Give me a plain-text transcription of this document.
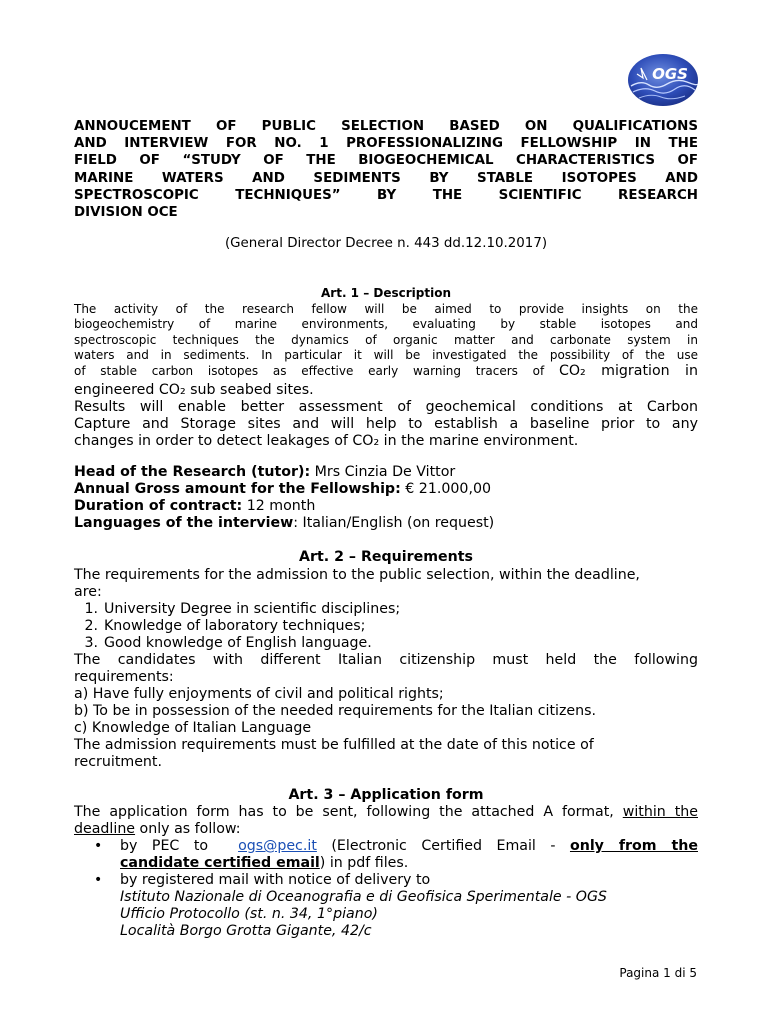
OGS
ANNOUCEMENT OF PUBLIC SELECTION BASED ON QUALIFICATIONS
AND INTERVIEW FOR NO. 1 PROFESSIONALIZING FELLOWSHIP IN THE
FIELD OF “STUDY OF THE BIOGEOCHEMICAL CHARACTERISTICS OF
MARINE WATERS AND SEDIMENTS BY STABLE ISOTOPES AND
SPECTROSCOPIC TECHNIQUES” BY THE SCIENTIFIC RESEARCH
DIVISION OCE
(General Director Decree n. 443 dd.12.10.2017)
Art. 1 – Description
The activity of the research fellow will be aimed to provide insights on the
biogeochemistry of marine environments, evaluating by stable isotopes and
spectroscopic techniques the dynamics of organic matter and carbonate system in
waters and in sediments. In particular it will be investigated the possibility of the use
of stable carbon isotopes as effective early warning tracers of CO₂ migration in
engineered CO₂ sub seabed sites.
Results will enable better assessment of geochemical conditions at Carbon
Capture and Storage sites and will help to establish a baseline prior to any
changes in order to detect leakages of CO₂ in the marine environment.
Head of the Research (tutor): Mrs Cinzia De Vittor
Annual Gross amount for the Fellowship: € 21.000,00
Duration of contract: 12 month
Languages of the interview: Italian/English (on request)
Art. 2 – Requirements
The requirements for the admission to the public selection, within the deadline,
are:
1. University Degree in scientific disciplines;
2. Knowledge of laboratory techniques;
3. Good knowledge of English language.
The candidates with different Italian citizenship must held the following
requirements:
a) Have fully enjoyments of civil and political rights;
b) To be in possession of the needed requirements for the Italian citizens.
c) Knowledge of Italian Language
The admission requirements must be fulfilled at the date of this notice of
recruitment.
Art. 3 – Application form
The application form has to be sent, following the attached A format, within the
deadline only as follow:
• by PEC to ogs@pec.it (Electronic Certified Email - only from the
candidate certified email) in pdf files.
• by registered mail with notice of delivery to
Istituto Nazionale di Oceanografia e di Geofisica Sperimentale - OGS
Ufficio Protocollo (st. n. 34, 1°piano)
Località Borgo Grotta Gigante, 42/c
Pagina 1 di 5
